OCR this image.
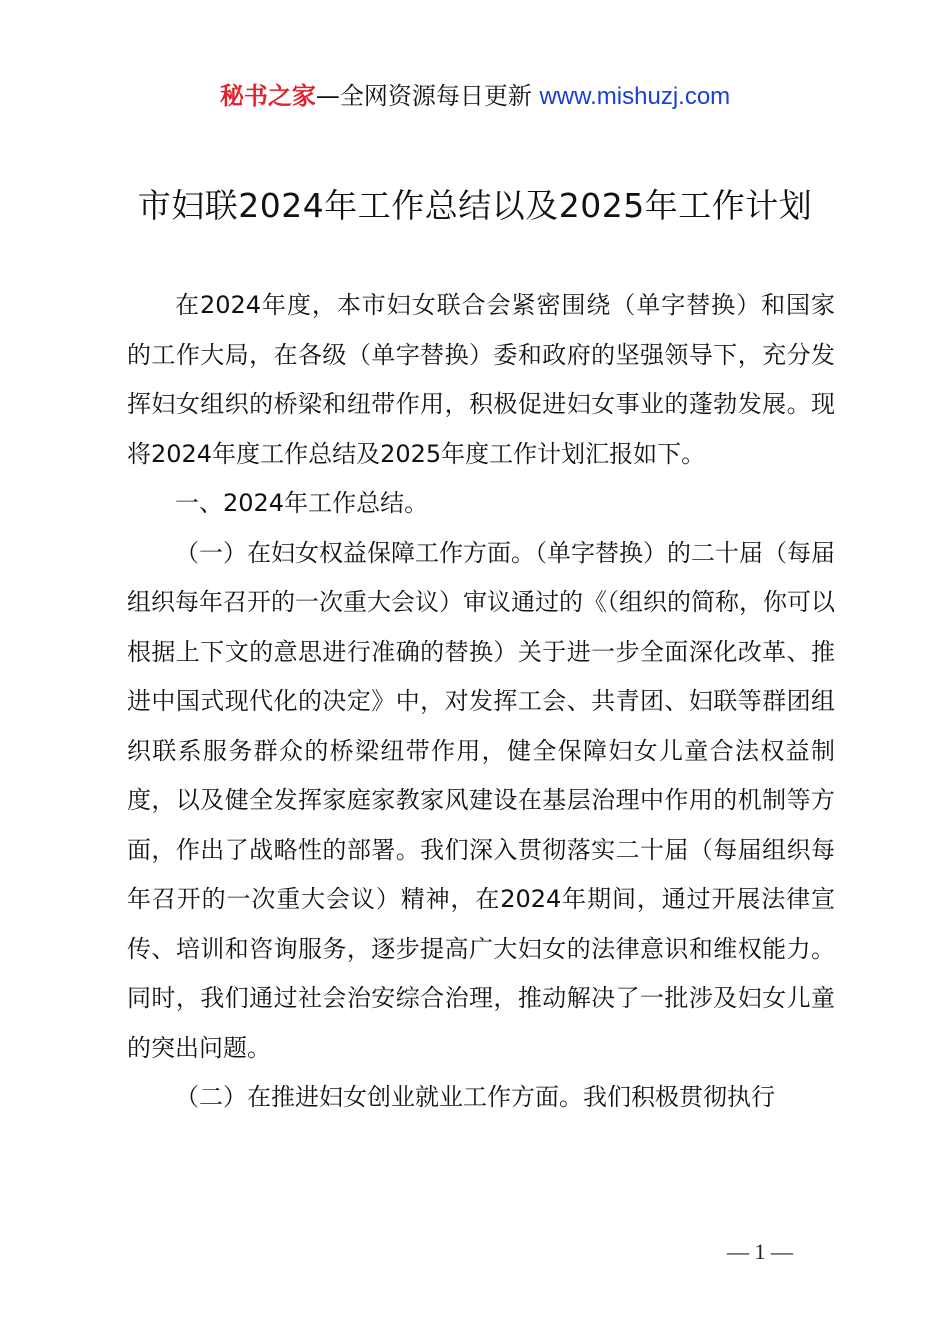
秘书之家—全网资源每日更新 www.mishuzj.com
市妇联2024年工作总结以及2025年工作计划

在2024年度，本市妇女联合会紧密围绕（单字替换）和国家的工作大局，在各级（单字替换）委和政府的坚强领导下，充分发挥妇女组织的桥梁和纽带作用，积极促进妇女事业的蓬勃发展。现将2024年度工作总结及2025年度工作计划汇报如下。

一、2024年工作总结。

（一）在妇女权益保障工作方面。（单字替换）的二十届（每届组织每年召开的一次重大会议）审议通过的《（组织的简称，你可以根据上下文的意思进行准确的替换）关于进一步全面深化改革、推进中国式现代化的决定》中，对发挥工会、共青团、妇联等群团组织联系服务群众的桥梁纽带作用，健全保障妇女儿童合法权益制度，以及健全发挥家庭家教家风建设在基层治理中作用的机制等方面，作出了战略性的部署。我们深入贯彻落实二十届（每届组织每年召开的一次重大会议）精神，在2024年期间，通过开展法律宣传、培训和咨询服务，逐步提高广大妇女的法律意识和维权能力。同时，我们通过社会治安综合治理，推动解决了一批涉及妇女儿童的突出问题。

（二）在推进妇女创业就业工作方面。我们积极贯彻执行

— 1 —
